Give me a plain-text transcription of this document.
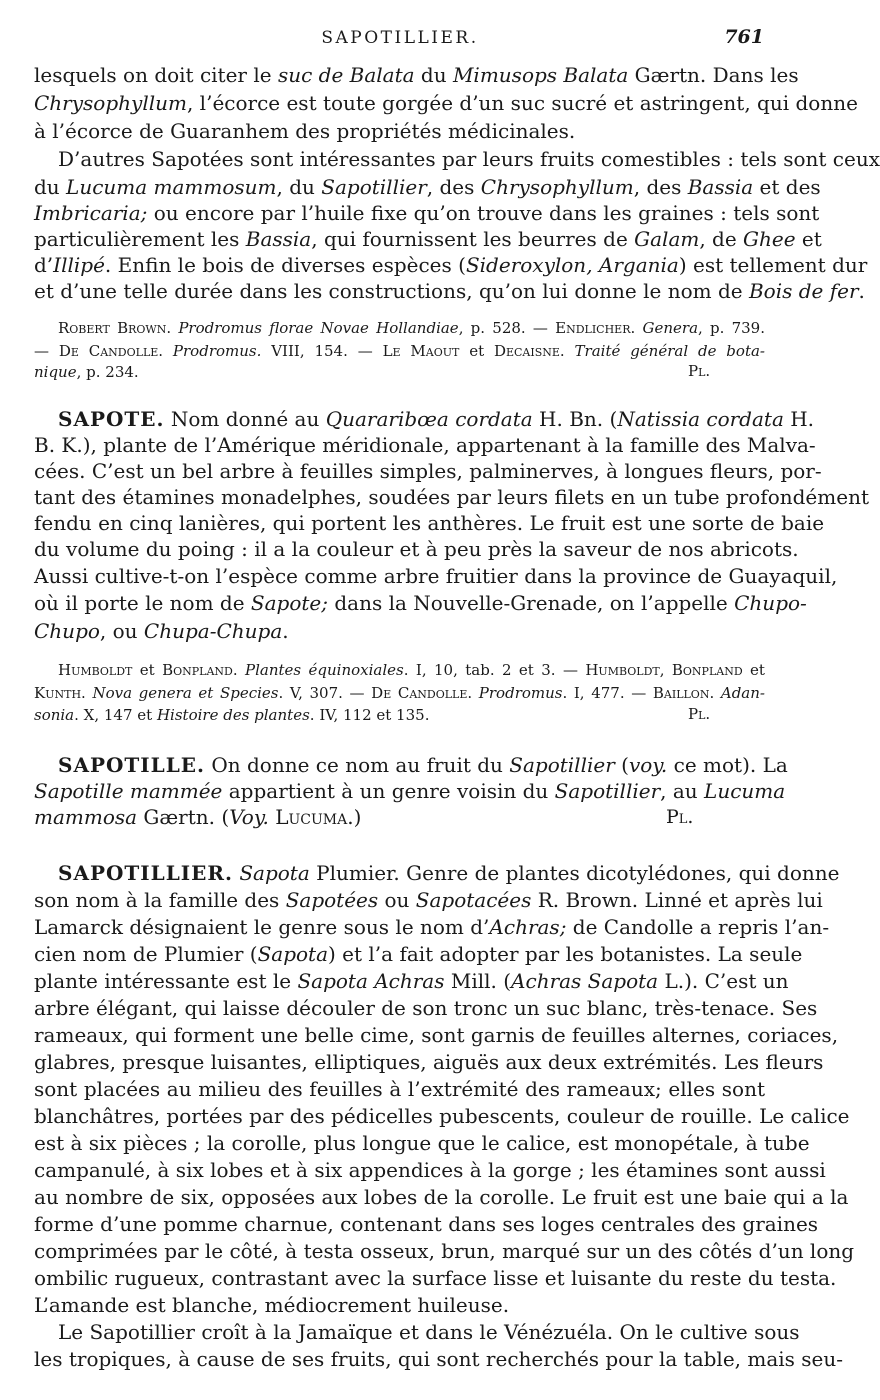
SAPOTILLIER.	761
lesquels on doit citer le suc de Balata du Mimusops Balata Gærtn. Dans les
Chrysophyllum, l’écorce est toute gorgée d’un suc sucré et astringent, qui donne
à l’écorce de Guaranhem des propriétés médicinales.
D’autres Sapotées sont intéressantes par leurs fruits comestibles : tels sont ceux
du Lucuma mammosum, du Sapotillier, des Chrysophyllum, des Bassia et des
Imbricaria; ou encore par l’huile fixe qu’on trouve dans les graines : tels sont
particulièrement les Bassia, qui fournissent les beurres de Galam, de Ghee et
d’Illipé. Enfin le bois de diverses espèces (Sideroxylon, Argania) est tellement dur
et d’une telle durée dans les constructions, qu’on lui donne le nom de Bois de fer.
Robert Brown. Prodromus florae Novae Hollandiae, p. 528. — Endlicher. Genera, p. 739.
— De Candolle. Prodromus. VIII, 154. — Le Maout et Decaisne. Traité général de bota-
nique, p. 234.	Pl.
SAPOTE. Nom donné au Quararibœa cordata H. Bn. (Natissia cordata H.
B. K.), plante de l’Amérique méridionale, appartenant à la famille des Malva-
cées. C’est un bel arbre à feuilles simples, palminerves, à longues fleurs, por-
tant des étamines monadelphes, soudées par leurs filets en un tube profondément
fendu en cinq lanières, qui portent les anthères. Le fruit est une sorte de baie
du volume du poing : il a la couleur et à peu près la saveur de nos abricots.
Aussi cultive-t-on l’espèce comme arbre fruitier dans la province de Guayaquil,
où il porte le nom de Sapote; dans la Nouvelle-Grenade, on l’appelle Chupo-
Chupo, ou Chupa-Chupa.
Humboldt et Bonpland. Plantes équinoxiales. I, 10, tab. 2 et 3. — Humboldt, Bonpland et
Kunth. Nova genera et Species. V, 307. — De Candolle. Prodromus. I, 477. — Baillon. Adan-
sonia. X, 147 et Histoire des plantes. IV, 112 et 135.	Pl.
SAPOTILLE. On donne ce nom au fruit du Sapotillier (voy. ce mot). La
Sapotille mammée appartient à un genre voisin du Sapotillier, au Lucuma
mammosa Gærtn. (Voy. Lucuma.)	Pl.
SAPOTILLIER. Sapota Plumier. Genre de plantes dicotylédones, qui donne
son nom à la famille des Sapotées ou Sapotacées R. Brown. Linné et après lui
Lamarck désignaient le genre sous le nom d’Achras; de Candolle a repris l’an-
cien nom de Plumier (Sapota) et l’a fait adopter par les botanistes. La seule
plante intéressante est le Sapota Achras Mill. (Achras Sapota L.). C’est un
arbre élégant, qui laisse découler de son tronc un suc blanc, très-tenace. Ses
rameaux, qui forment une belle cime, sont garnis de feuilles alternes, coriaces,
glabres, presque luisantes, elliptiques, aiguës aux deux extrémités. Les fleurs
sont placées au milieu des feuilles à l’extrémité des rameaux; elles sont
blanchâtres, portées par des pédicelles pubescents, couleur de rouille. Le calice
est à six pièces ; la corolle, plus longue que le calice, est monopétale, à tube
campanulé, à six lobes et à six appendices à la gorge ; les étamines sont aussi
au nombre de six, opposées aux lobes de la corolle. Le fruit est une baie qui a la
forme d’une pomme charnue, contenant dans ses loges centrales des graines
comprimées par le côté, à testa osseux, brun, marqué sur un des côtés d’un long
ombilic rugueux, contrastant avec la surface lisse et luisante du reste du testa.
L’amande est blanche, médiocrement huileuse.
Le Sapotillier croît à la Jamaïque et dans le Vénézuéla. On le cultive sous
les tropiques, à cause de ses fruits, qui sont recherchés pour la table, mais seu-
